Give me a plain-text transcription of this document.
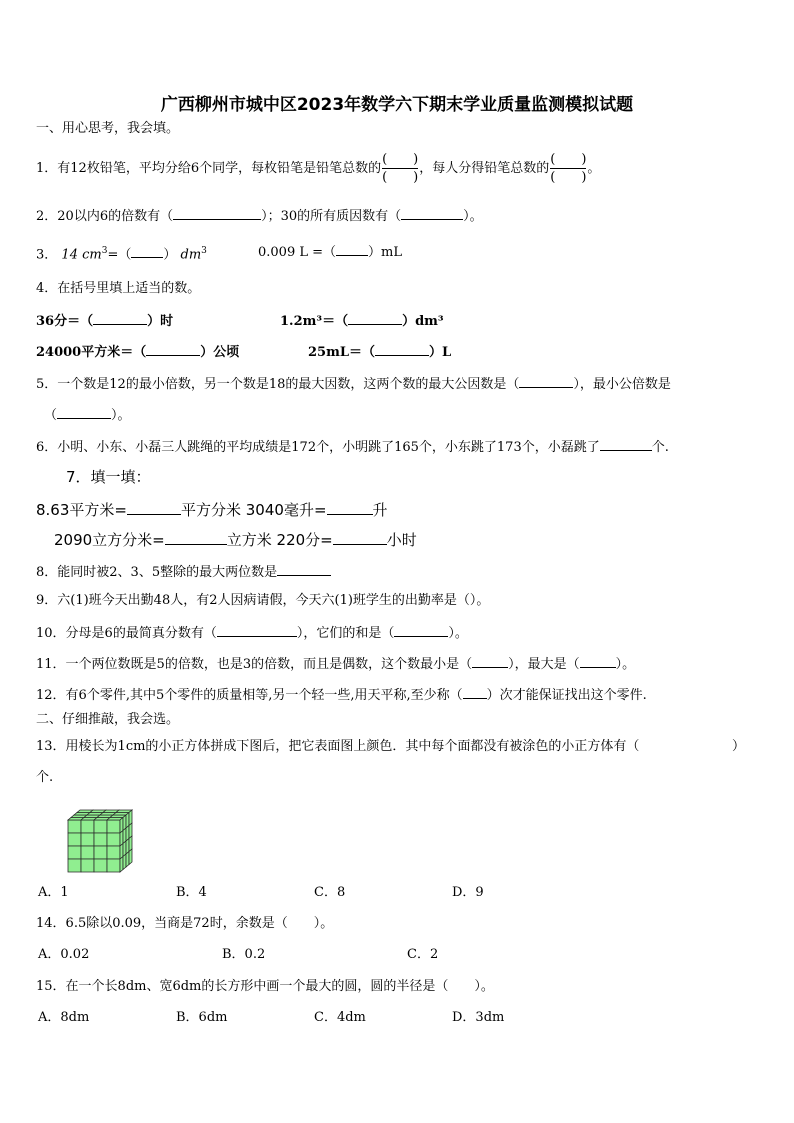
广西柳州市城中区2023年数学六下期末学业质量监测模拟试题
一、用心思考，我会填。
1．有12枚铅笔，平均分给6个同学，每枚铅笔是铅笔总数的 $\frac{( )}{( )}$ ，每人分得铅笔总数的 $\frac{( )}{( )}$ 。
2．20以内6的倍数有（	）；30的所有质因数有（	）。
3． 14 $cm^3=$（ ） $dm^3$	0.009 L =（ ）mL
4．在括号里填上适当的数。
36分＝（	）时	1.2m³＝（	）dm³
24000平方米＝（	）公顷	25mL＝（	）L
5．一个数是12的最小倍数，另一个数是18的最大因数，这两个数的最大公因数是（	），最小公倍数是
（	）。
6．小明、小东、小磊三人跳绳的平均成绩是172个，小明跳了165个，小东跳了173个，小磊跳了	个.
7．填一填：
8.63平方米=	平方分米 3040毫升=	升
2090立方分米=	立方米 220分=	小时
8．能同时被2、3、5整除的最大两位数是
9．六(1)班今天出勤48人，有2人因病请假，今天六(1)班学生的出勤率是（）。
10．分母是6的最简真分数有（	），它们的和是（	）。
11．一个两位数既是5的倍数，也是3的倍数，而且是偶数，这个数最小是（	），最大是（	）。
12．有6个零件,其中5个零件的质量相等,另一个轻一些,用天平称,至少称（ ）次才能保证找出这个零件.
二、仔细推敲，我会选。
13．用棱长为1cm的小正方体拼成下图后，把它表面图上颜色．其中每个面都没有被涂色的小正方体有（	）
个.
A．1	B．4	C．8	D．9
14．6.5除以0.09，当商是72时，余数是（　　）。
A．0.02	B．0.2	C．2
15．在一个长8dm、宽6dm的长方形中画一个最大的圆，圆的半径是（　　）。
A．8dm	B．6dm	C．4dm	D．3dm
